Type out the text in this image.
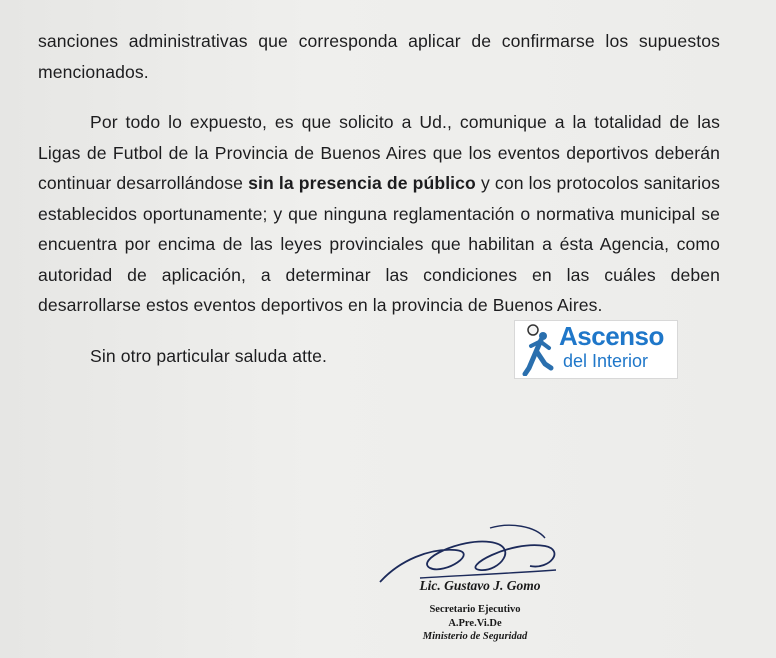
sanciones administrativas que corresponda aplicar de confirmarse los supuestos mencionados.

Por todo lo expuesto, es que solicito a Ud., comunique a la totalidad de las Ligas de Futbol de la Provincia de Buenos Aires que los eventos deportivos deberán continuar desarrollándose sin la presencia de público y con los protocolos sanitarios establecidos oportunamente; y que ninguna reglamentación o normativa municipal se encuentra por encima de las leyes provinciales que habilitan a ésta Agencia, como autoridad de aplicación, a determinar las condiciones en las cuáles deben desarrollarse estos eventos deportivos en la provincia de Buenos Aires.

Sin otro particular saluda atte.

Ascenso
del Interior
Lic. Gustavo J. Gomo
Secretario Ejecutivo
A.Pre.Vi.De
Ministerio de Seguridad
